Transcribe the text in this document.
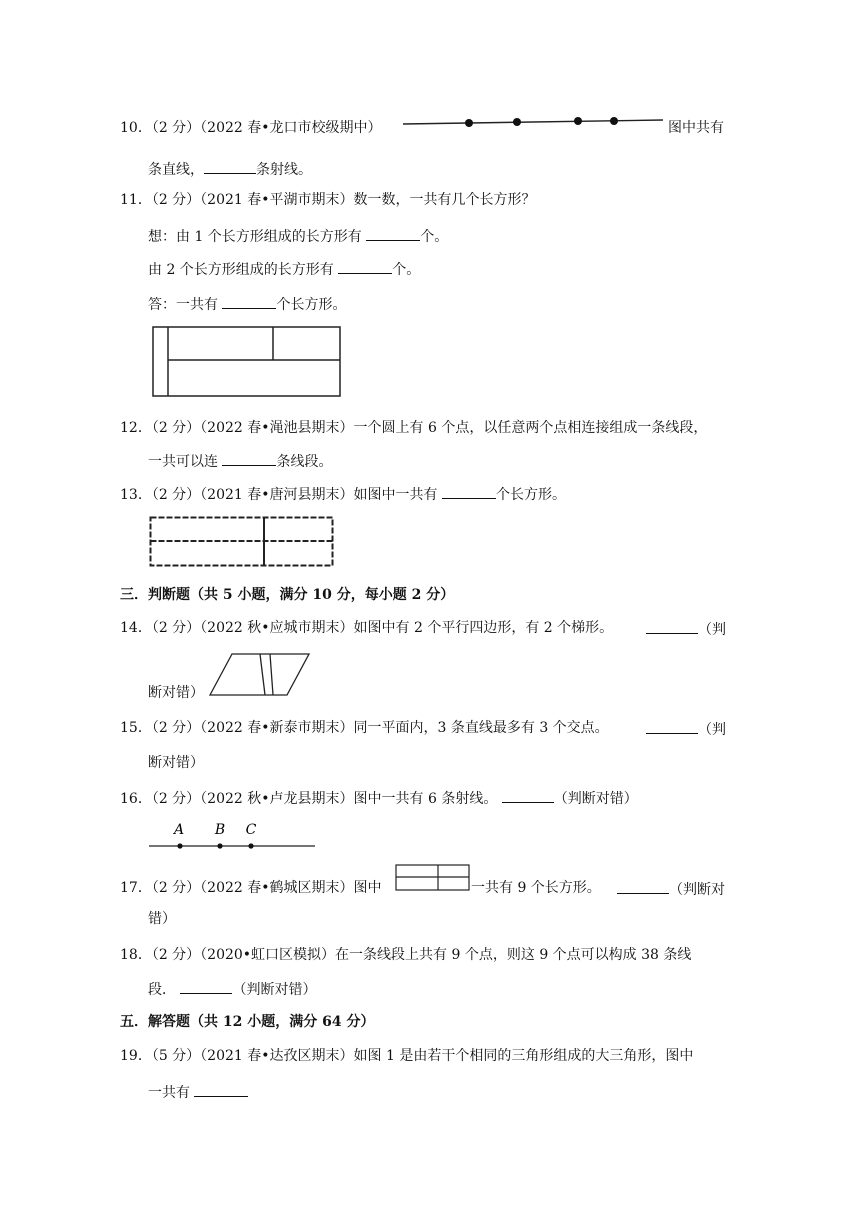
10．（2 分）（2022 春•龙口市校级期中）	图中共有
条直线，	条射线。
11．（2 分）（2021 春•平湖市期末）数一数，一共有几个长方形？
想：由 1 个长方形组成的长方形有	个。
由 2 个长方形组成的长方形有	个。
答：一共有	个长方形。
12．（2 分）（2022 春•渑池县期末）一个圆上有 6 个点，以任意两个点相连接组成一条线段，
一共可以连	条线段。
13．（2 分）（2021 春•唐河县期末）如图中一共有	个长方形。
三．判断题（共 5 小题，满分 10 分，每小题 2 分）
14．（2 分）（2022 秋•应城市期末）如图中有 2 个平行四边形，有 2 个梯形。	（判
断对错）
15．（2 分）（2022 春•新泰市期末）同一平面内，3 条直线最多有 3 个交点。	（判
断对错）
16．（2 分）（2022 秋•卢龙县期末）图中一共有 6 条射线。	（判断对错）
A B C
17．（2 分）（2022 春•鹤城区期末）图中	一共有 9 个长方形。	（判断对
错）
18．（2 分）（2020•虹口区模拟）在一条线段上共有 9 个点，则这 9 个点可以构成 38 条线
段．	（判断对错）
五．解答题（共 12 小题，满分 64 分）
19．（5 分）（2021 春•达孜区期末）如图 1 是由若干个相同的三角形组成的大三角形，图中
一共有
